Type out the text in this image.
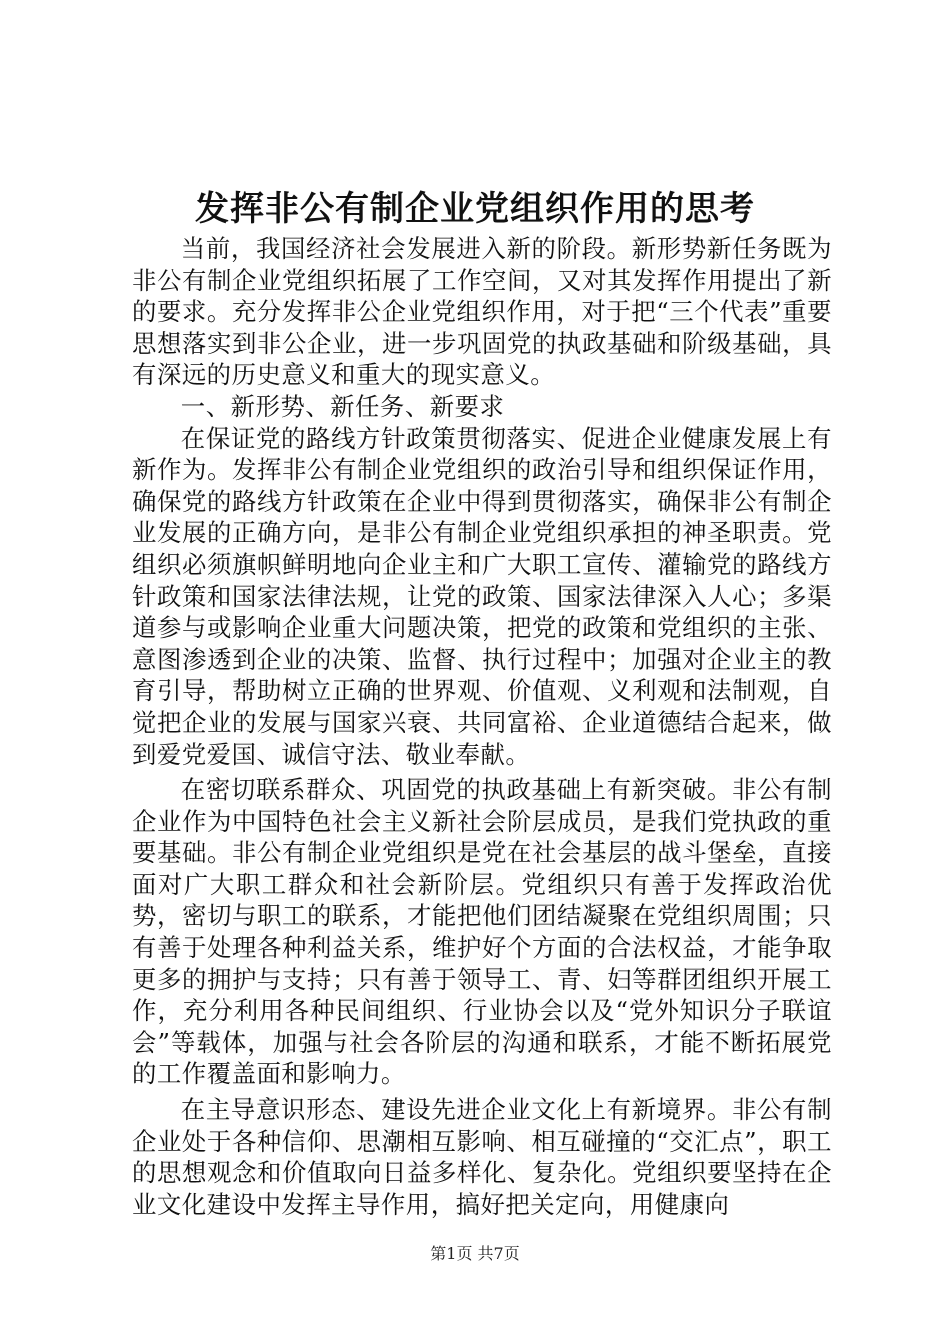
发挥非公有制企业党组织作用的思考

当前，我国经济社会发展进入新的阶段。新形势新任务既为非公有制企业党组织拓展了工作空间，又对其发挥作用提出了新的要求。充分发挥非公企业党组织作用，对于把“三个代表”重要思想落实到非公企业，进一步巩固党的执政基础和阶级基础，具有深远的历史意义和重大的现实意义。

一、新形势、新任务、新要求

在保证党的路线方针政策贯彻落实、促进企业健康发展上有新作为。发挥非公有制企业党组织的政治引导和组织保证作用，确保党的路线方针政策在企业中得到贯彻落实，确保非公有制企业发展的正确方向，是非公有制企业党组织承担的神圣职责。党组织必须旗帜鲜明地向企业主和广大职工宣传、灌输党的路线方针政策和国家法律法规，让党的政策、国家法律深入人心；多渠道参与或影响企业重大问题决策，把党的政策和党组织的主张、意图渗透到企业的决策、监督、执行过程中；加强对企业主的教育引导，帮助树立正确的世界观、价值观、义利观和法制观，自觉把企业的发展与国家兴衰、共同富裕、企业道德结合起来，做到爱党爱国、诚信守法、敬业奉献。

在密切联系群众、巩固党的执政基础上有新突破。非公有制企业作为中国特色社会主义新社会阶层成员，是我们党执政的重要基础。非公有制企业党组织是党在社会基层的战斗堡垒，直接面对广大职工群众和社会新阶层。党组织只有善于发挥政治优势，密切与职工的联系，才能把他们团结凝聚在党组织周围；只有善于处理各种利益关系，维护好个方面的合法权益，才能争取更多的拥护与支持；只有善于领导工、青、妇等群团组织开展工作，充分利用各种民间组织、行业协会以及“党外知识分子联谊会”等载体，加强与社会各阶层的沟通和联系，才能不断拓展党的工作覆盖面和影响力。

在主导意识形态、建设先进企业文化上有新境界。非公有制企业处于各种信仰、思潮相互影响、相互碰撞的“交汇点”，职工的思想观念和价值取向日益多样化、复杂化。党组织要坚持在企业文化建设中发挥主导作用，搞好把关定向，用健康向

第1页 共7页
